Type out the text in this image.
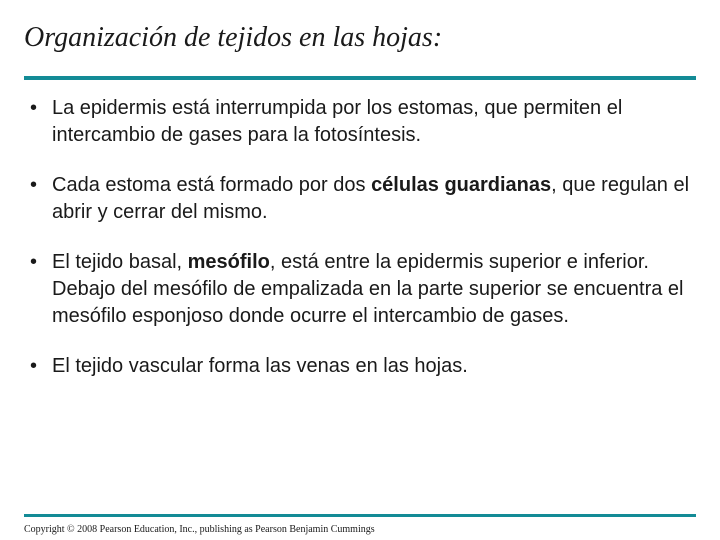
Organización de tejidos en las hojas:
• La epidermis está interrumpida por los estomas, que permiten el intercambio de gases para la fotosíntesis.
• Cada estoma está formado por dos células guardianas, que regulan el abrir y cerrar del mismo.
• El tejido basal, mesófilo, está entre la epidermis superior e inferior. Debajo del mesófilo de empalizada en la parte superior se encuentra el mesófilo esponjoso donde ocurre el intercambio de gases.
• El tejido vascular forma las venas en las hojas.
Copyright © 2008 Pearson Education, Inc., publishing as Pearson Benjamin Cummings
